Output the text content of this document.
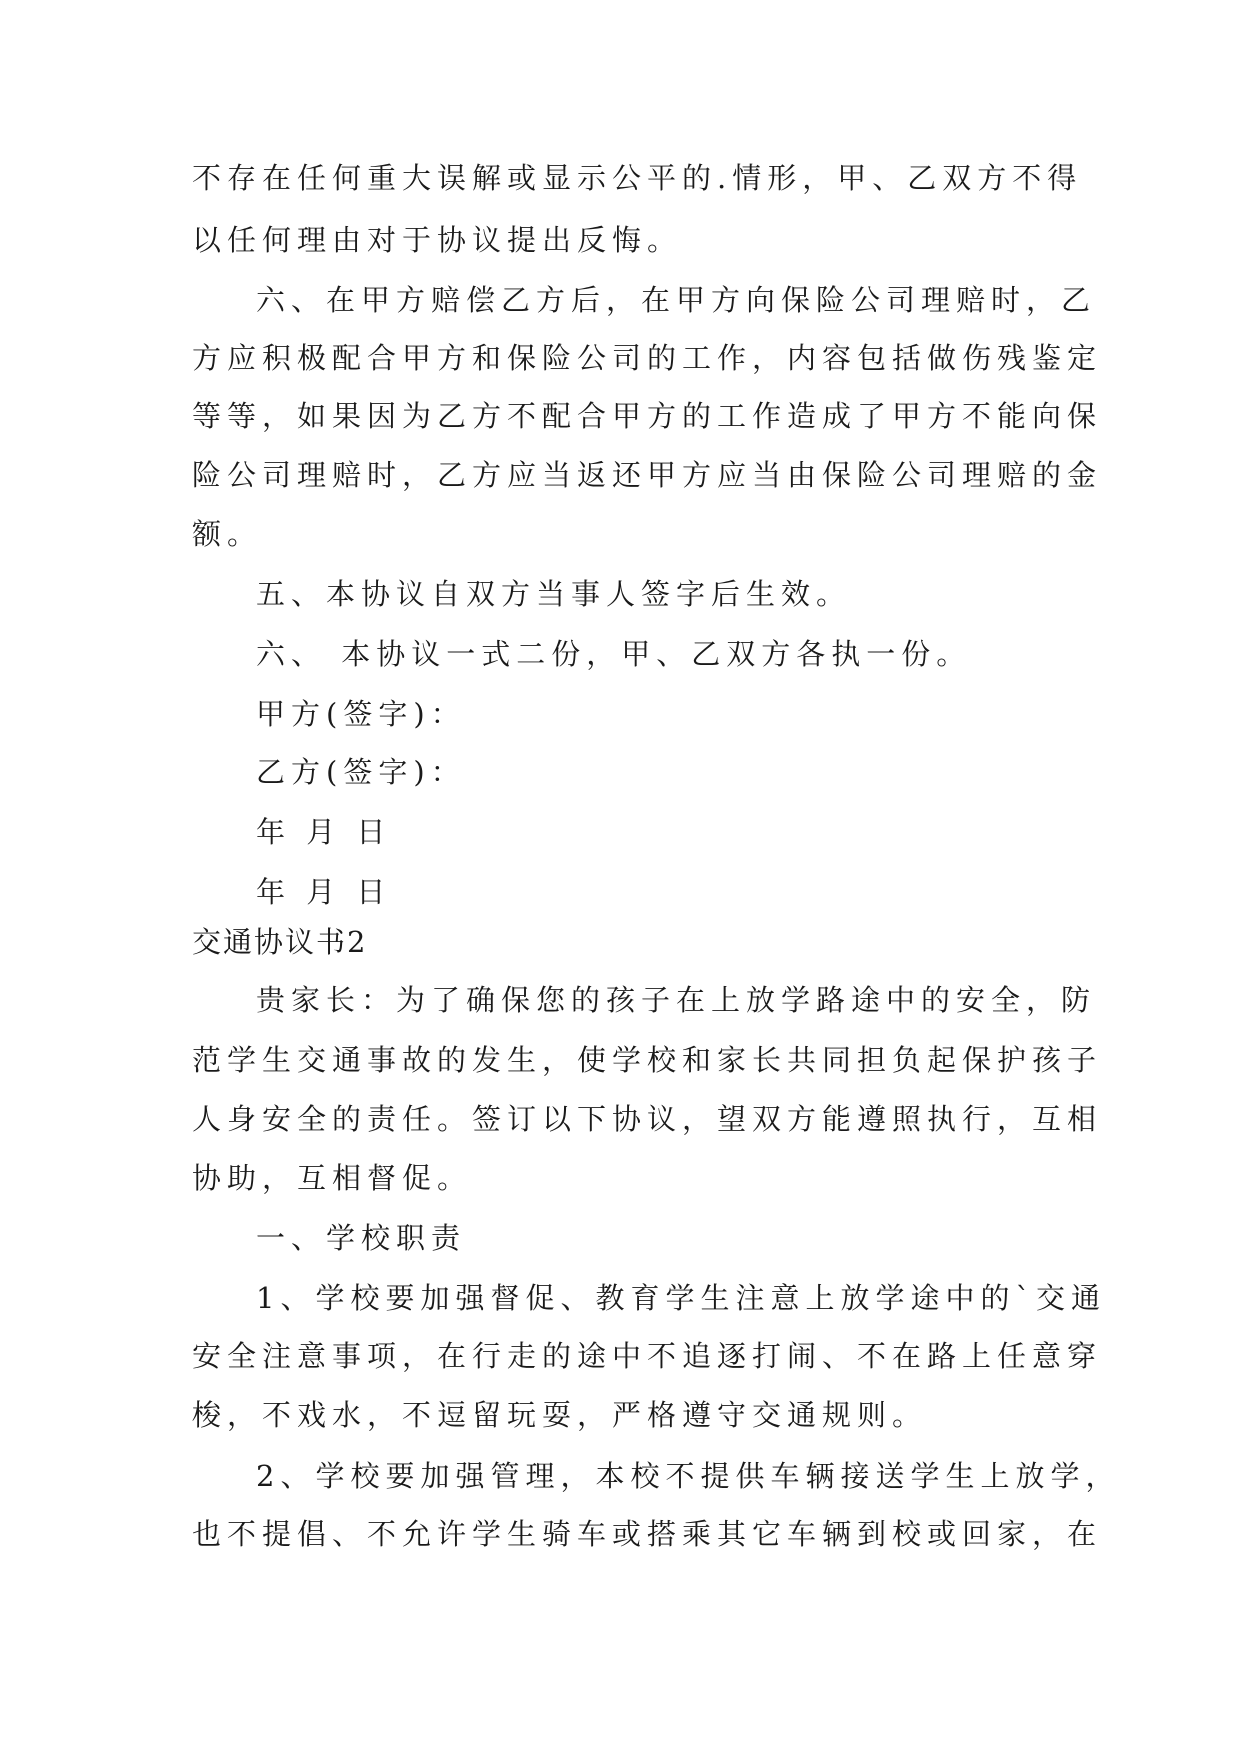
不存在任何重大误解或显示公平的.情形，甲、乙双方不得
以任何理由对于协议提出反悔。
六、在甲方赔偿乙方后，在甲方向保险公司理赔时，乙
方应积极配合甲方和保险公司的工作，内容包括做伤残鉴定
等等，如果因为乙方不配合甲方的工作造成了甲方不能向保
险公司理赔时，乙方应当返还甲方应当由保险公司理赔的金
额。
五、本协议自双方当事人签字后生效。
六、 本协议一式二份，甲、乙双方各执一份。
甲方(签字)：
乙方(签字)：
年 月 日
年 月 日
交通协议书2
贵家长：为了确保您的孩子在上放学路途中的安全，防
范学生交通事故的发生，使学校和家长共同担负起保护孩子
人身安全的责任。签订以下协议，望双方能遵照执行，互相
协助，互相督促。
一、学校职责
1、学校要加强督促、教育学生注意上放学途中的`交通
安全注意事项，在行走的途中不追逐打闹、不在路上任意穿
梭，不戏水，不逗留玩耍，严格遵守交通规则。
2、学校要加强管理，本校不提供车辆接送学生上放学，
也不提倡、不允许学生骑车或搭乘其它车辆到校或回家，在
